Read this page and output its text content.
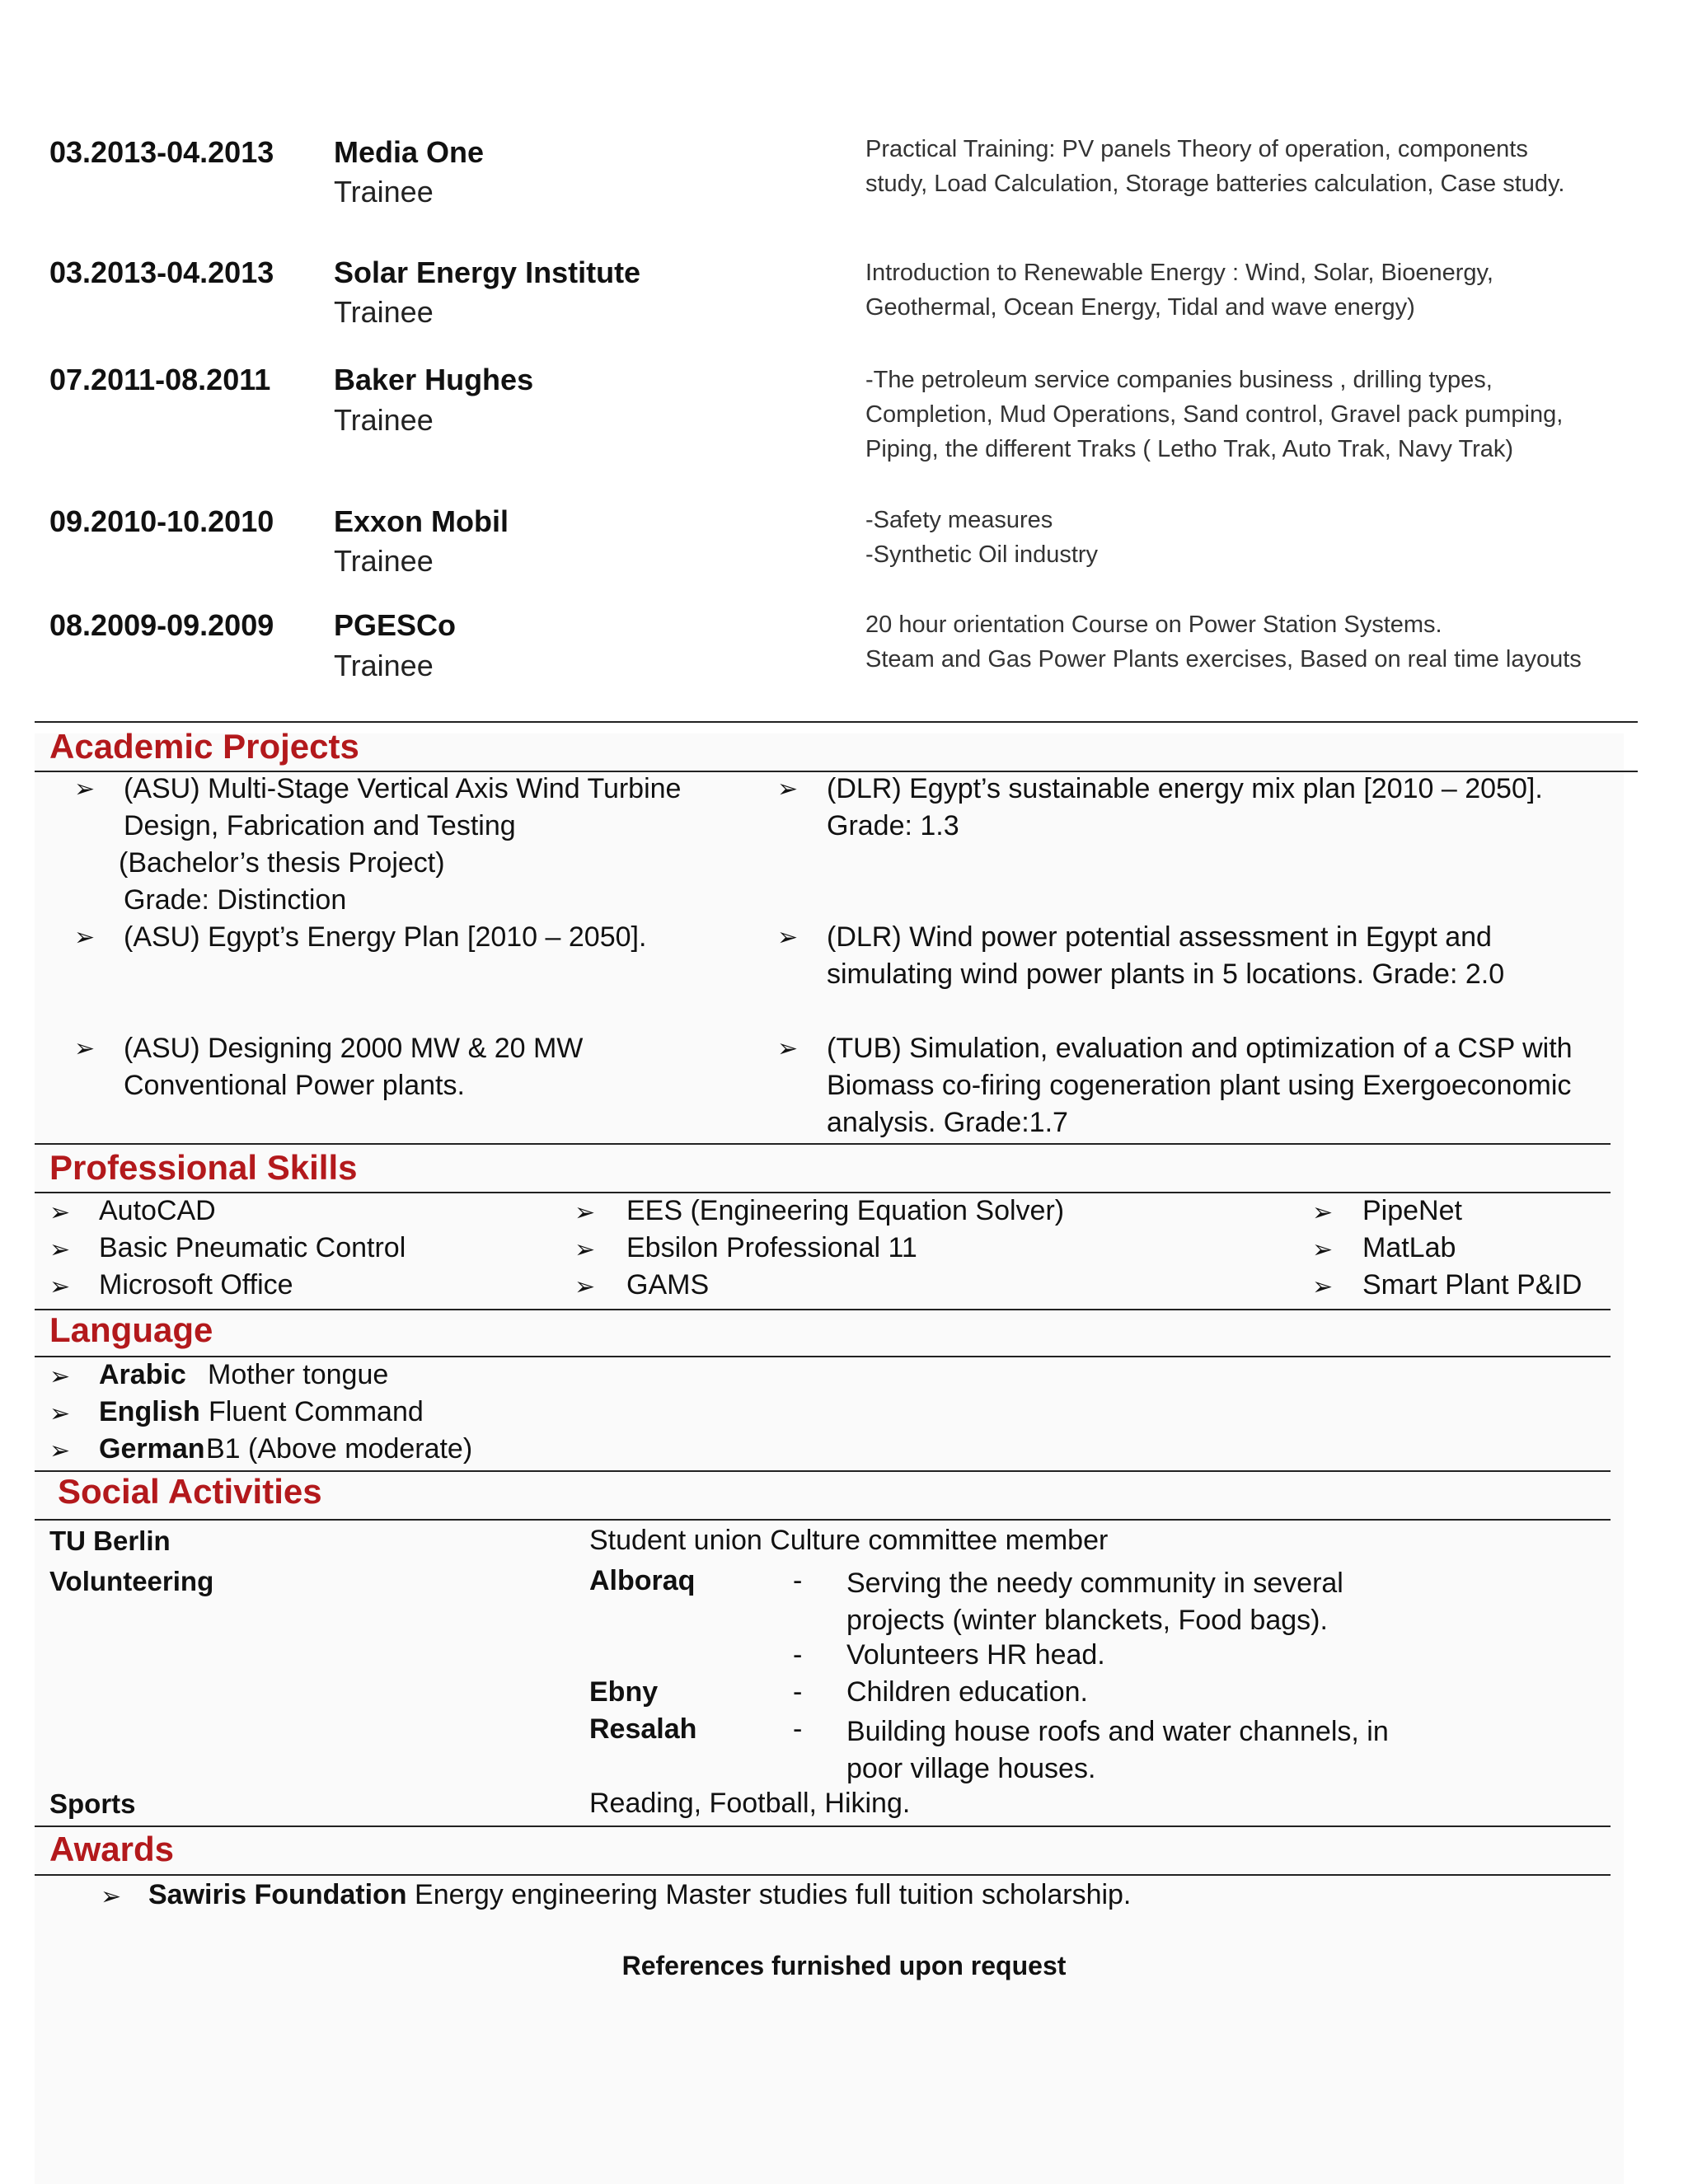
03.2013-04.2013 Media One
Trainee
Practical Training: PV panels Theory of operation, components
study, Load Calculation, Storage batteries calculation, Case study.
03.2013-04.2013 Solar Energy Institute
Trainee
Introduction to Renewable Energy : Wind, Solar, Bioenergy,
Geothermal, Ocean Energy, Tidal and wave energy)
07.2011-08.2011 Baker Hughes
Trainee
-The petroleum service companies business , drilling types,
Completion, Mud Operations, Sand control, Gravel pack pumping,
Piping, the different Traks ( Letho Trak, Auto Trak, Navy Trak)
09.2010-10.2010 Exxon Mobil
Trainee
-Safety measures
-Synthetic Oil industry
08.2009-09.2009 PGESCo
Trainee
20 hour orientation Course on Power Station Systems.
Steam and Gas Power Plants exercises, Based on real time layouts
Academic Projects
➢ (ASU) Multi-Stage Vertical Axis Wind Turbine
Design, Fabrication and Testing
(Bachelor’s thesis Project)
Grade: Distinction
➢ (ASU) Egypt’s Energy Plan [2010 – 2050].
➢ (ASU) Designing 2000 MW & 20 MW
Conventional Power plants.
➢ (DLR) Egypt’s sustainable energy mix plan [2010 – 2050].
Grade: 1.3
➢ (DLR) Wind power potential assessment in Egypt and
simulating wind power plants in 5 locations. Grade: 2.0
➢ (TUB) Simulation, evaluation and optimization of a CSP with
Biomass co-firing cogeneration plant using Exergoeconomic
analysis. Grade:1.7
Professional Skills
➢ AutoCAD
➢ Basic Pneumatic Control
➢ Microsoft Office
➢ EES (Engineering Equation Solver)
➢ Ebsilon Professional 11
➢ GAMS
➢ PipeNet
➢ MatLab
➢ Smart Plant P&ID
Language
➢ Arabic Mother tongue
➢ English Fluent Command
➢ German B1 (Above moderate)
Social Activities
TU Berlin	Student union Culture committee member
Volunteering	Alboraq	- Serving the needy community in several
projects (winter blanckets, Food bags).
- Volunteers HR head.
Ebny	- Children education.
Resalah	- Building house roofs and water channels, in
poor village houses.
Sports	Reading, Football, Hiking.
Awards
➢ Sawiris Foundation Energy engineering Master studies full tuition scholarship.
References furnished upon request
